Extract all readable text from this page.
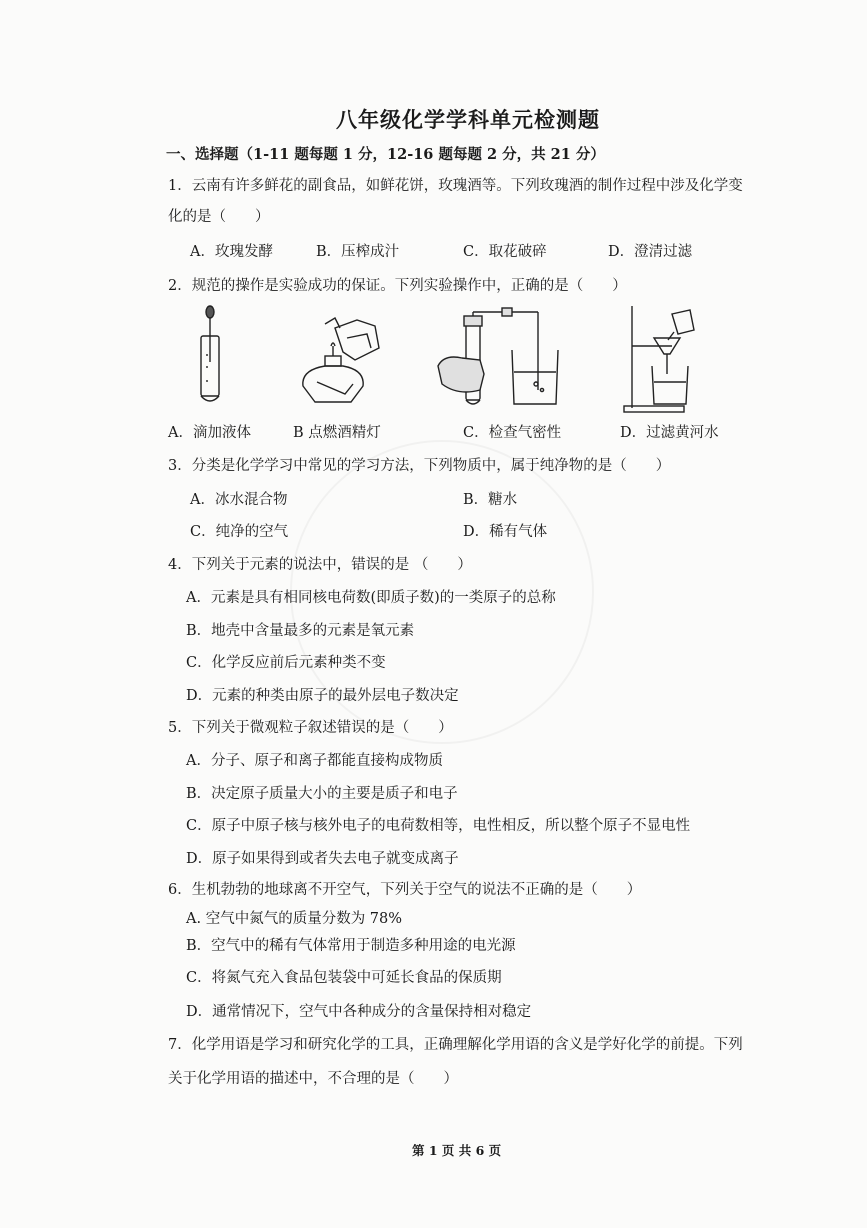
八年级化学学科单元检测题
一、选择题（1-11 题每题 1 分，12-16 题每题 2 分，共 21 分）
1．云南有许多鲜花的副食品，如鲜花饼，玫瑰酒等。下列玫瑰酒的制作过程中涉及化学变
化的是（　　）
A．玫瑰发酵	B．压榨成汁	C．取花破碎	D．澄清过滤
2．规范的操作是实验成功的保证。下列实验操作中，正确的是（　　）
A．滴加液体	B 点燃酒精灯	C．检查气密性	D．过滤黄河水
3．分类是化学学习中常见的学习方法，下列物质中，属于纯净物的是（　　）
A．冰水混合物	B．糖水
C．纯净的空气	D．稀有气体
4．下列关于元素的说法中，错误的是 （　　）
A．元素是具有相同核电荷数(即质子数)的一类原子的总称
B．地壳中含量最多的元素是氧元素
C．化学反应前后元素种类不变
D．元素的种类由原子的最外层电子数决定
5．下列关于微观粒子叙述错误的是（　　）
A．分子、原子和离子都能直接构成物质
B．决定原子质量大小的主要是质子和电子
C．原子中原子核与核外电子的电荷数相等，电性相反，所以整个原子不显电性
D．原子如果得到或者失去电子就变成离子
6．生机勃勃的地球离不开空气，下列关于空气的说法不正确的是（　　）
A. 空气中氮气的质量分数为 78%
B．空气中的稀有气体常用于制造多种用途的电光源
C．将氮气充入食品包装袋中可延长食品的保质期
D．通常情况下，空气中各种成分的含量保持相对稳定
7．化学用语是学习和研究化学的工具，正确理解化学用语的含义是学好化学的前提。下列
关于化学用语的描述中，不合理的是（　　）
第 1 页 共 6 页
